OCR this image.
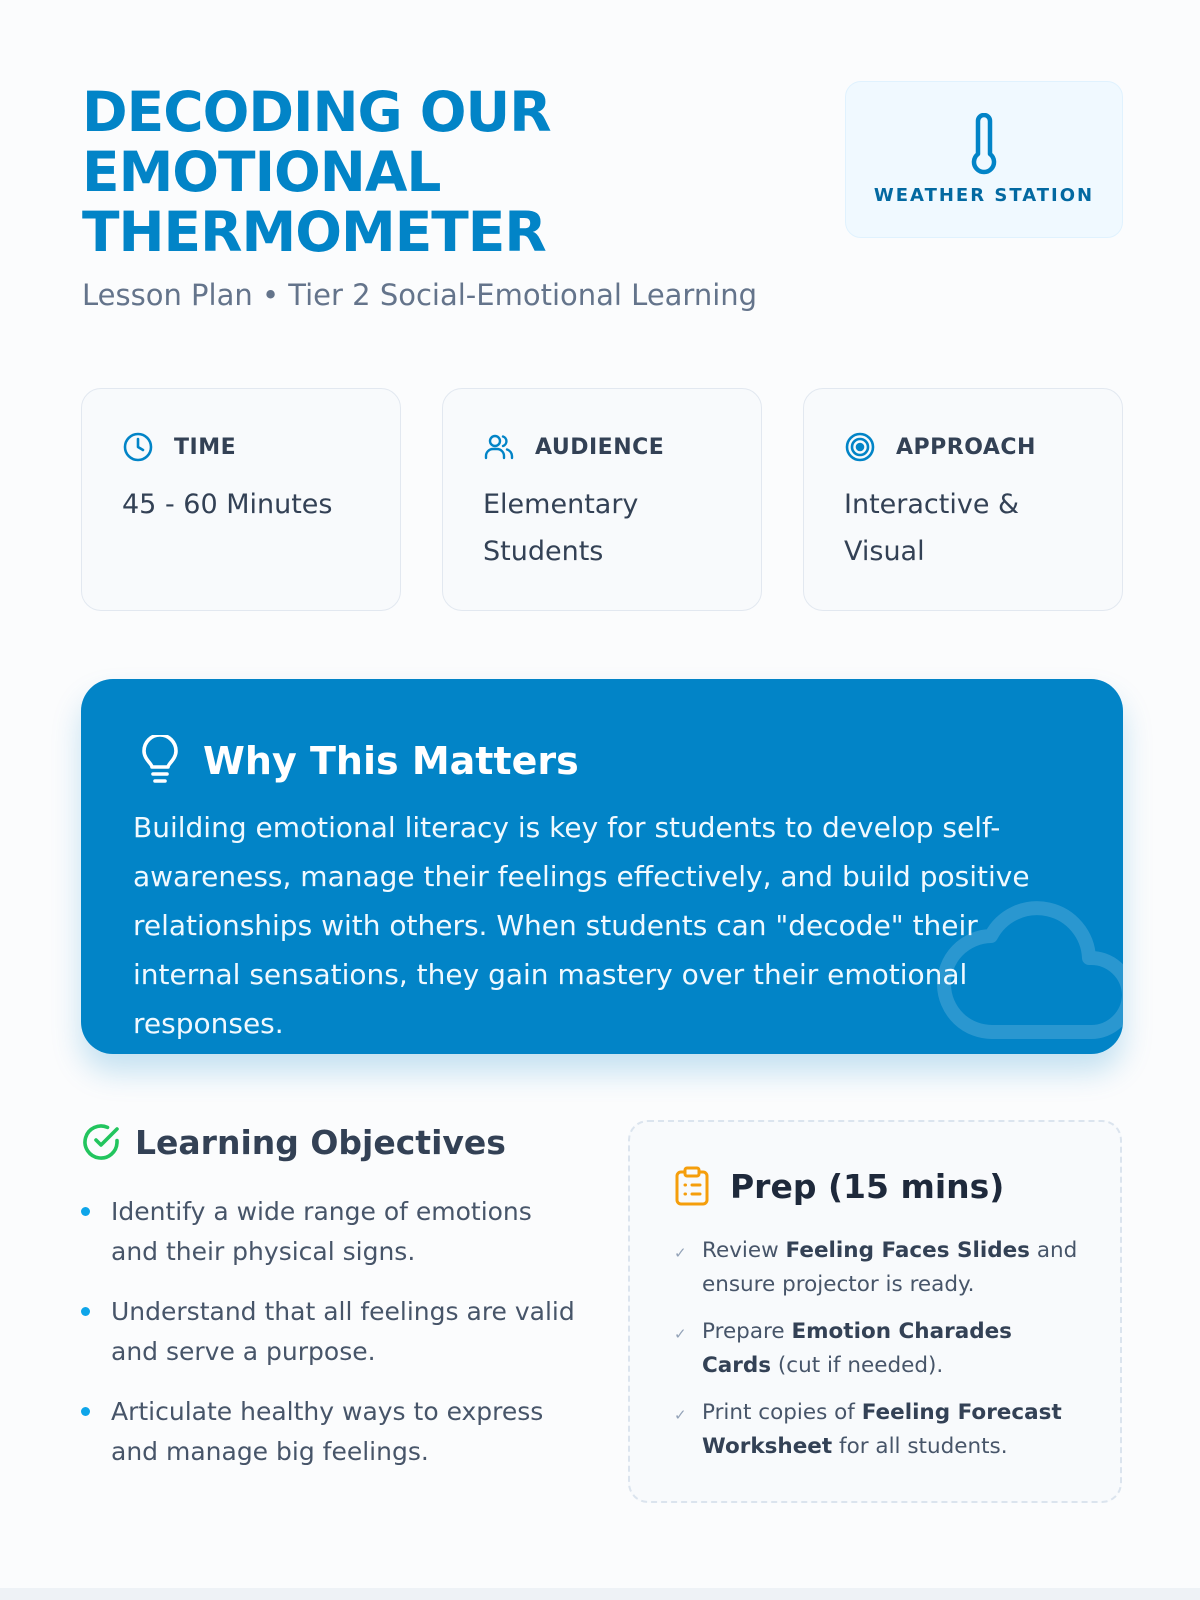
DECODING OUR
EMOTIONAL
THERMOMETER
Lesson Plan • Tier 2 Social-Emotional Learning
WEATHER STATION
TIME
45 - 60 Minutes
AUDIENCE
Elementary Students
APPROACH
Interactive & Visual
Why This Matters

Building emotional literacy is key for students to develop self-awareness, manage their feelings effectively, and build positive relationships with others. When students can "decode" their internal sensations, they gain mastery over their emotional responses.

Learning Objectives
Identify a wide range of emotions and their physical signs.
Understand that all feelings are valid and serve a purpose.
Articulate healthy ways to express and manage big feelings.
Prep (15 mins)
✓ Review Feeling Faces Slides and ensure projector is ready.
✓ Prepare Emotion Charades Cards (cut if needed).
✓ Print copies of Feeling Forecast Worksheet for all students.
